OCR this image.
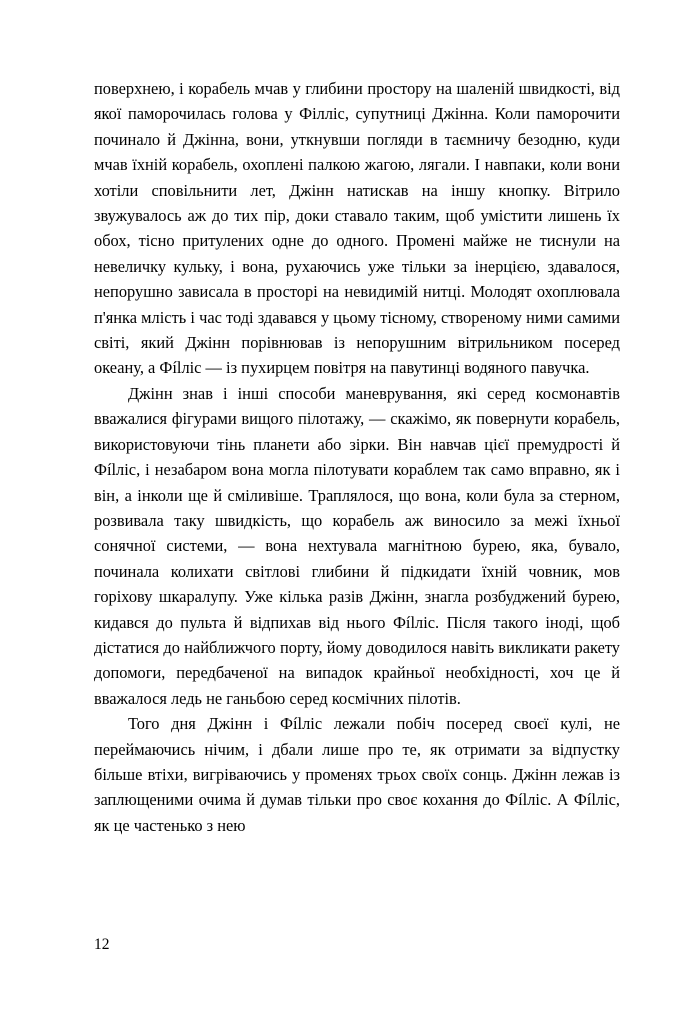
поверхнею, і корабель мчав у глибини простору на шаленій швидкості, від якої паморочилась голова у Філліс, супутниці Джінна. Коли паморочити починало й Джінна, вони, уткнувши погляди в таємничу безодню, куди мчав їхній корабель, охоплені палкою жагою, лягали. І навпаки, коли вони хотіли сповільнити лет, Джінн натискав на іншу кнопку. Вітрило звужувалось аж до тих пір, доки ставало таким, щоб умістити лишень їх обох, тісно притулених одне до одного. Промені майже не тиснули на невеличку кульку, і вона, рухаючись уже тільки за інерцією, здавалося, непорушно зависала в просторі на невидимій нитці. Молодят охоплювала п'янка млість і час тоді здавався у цьому тісному, створеному ними самими світі, який Джінн порівнював із непорушним вітрильником посеред океану, а Фílліс — із пухирцем повітря на павутинці водяного павучка.

Джінн знав і інші способи маневрування, які серед космонавтів вважалися фігурами вищого пілотажу, — скажімо, як повернути корабель, використовуючи тінь планети або зірки. Він навчав цієї премудрості й Фílліс, і незабаром вона могла пілотувати кораблем так само вправно, як і він, а інколи ще й сміливіше. Траплялося, що вона, коли була за стерном, розвивала таку швидкість, що корабель аж виносило за межі їхньої сонячної системи, — вона нехтувала магнітною бурею, яка, бувало, починала колихати світлові глибини й підкидати їхній човник, мов горіхову шкаралупу. Уже кілька разів Джінн, знагла розбуджений бурею, кидався до пульта й відпихав від нього Фílліс. Після такого іноді, щоб дістатися до найближчого порту, йому доводилося навіть викликати ракету допомоги, передбаченої на випадок крайньої необхідності, хоч це й вважалося ледь не ганьбою серед космічних пілотів.

Того дня Джінн і Фílліс лежали побіч посеред своєї кулі, не переймаючись нічим, і дбали лише про те, як отримати за відпустку більше втіхи, вигріваючись у променях трьох своїх сонць. Джінн лежав із заплющеними очима й думав тільки про своє кохання до Фílліс. А Фílліс, як це частенько з нею

12
